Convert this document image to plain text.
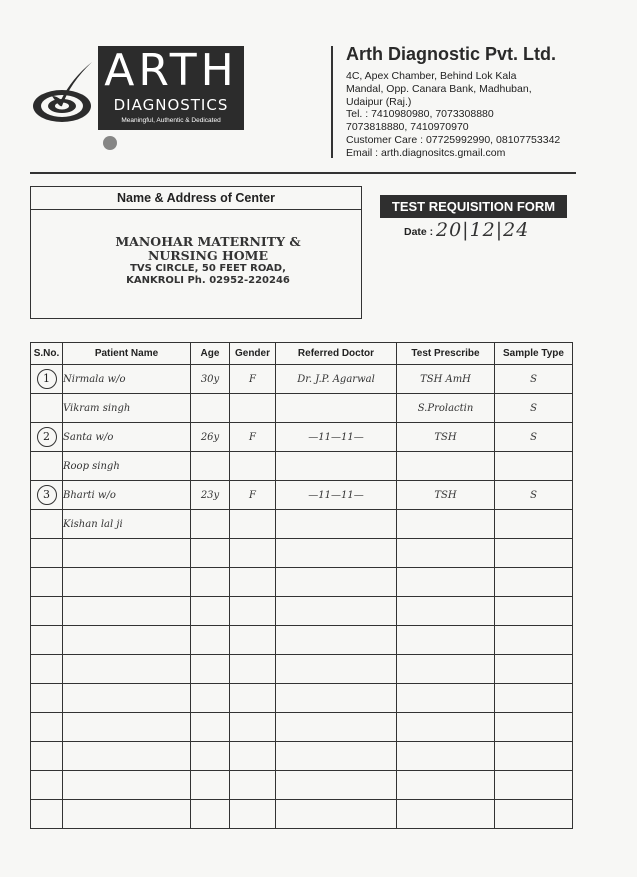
ARTH
DIAGNOSTICS
Meaningful, Authentic & Dedicated
Arth Diagnostic Pvt. Ltd.
4C, Apex Chamber, Behind Lok Kala
Mandal, Opp. Canara Bank, Madhuban,
Udaipur (Raj.)
Tel. : 7410980980, 7073308880
7073818880, 7410970970
Customer Care : 07725992990, 08107753342
Email : arth.diagnositcs.gmail.com
Name & Address of Center
MANOHAR MATERNITY &
NURSING HOME
TVS CIRCLE, 50 FEET ROAD,
KANKROLI Ph. 02952-220246
TEST REQUISITION FORM
Date : 20|12|24
S.No.	Patient Name	Age	Gender	Referred Doctor	Test Prescribe	Sample Type
1	Nirmala w/o	30y	F	Dr. J.P. Agarwal	TSH AmH	S
	Vikram singh				S.Prolactin	S
2	Santa w/o	26y	F	—11—11—	TSH	S
	Roop singh					
3	Bharti w/o	23y	F	—11—11—	TSH	S
	Kishan lal ji					
